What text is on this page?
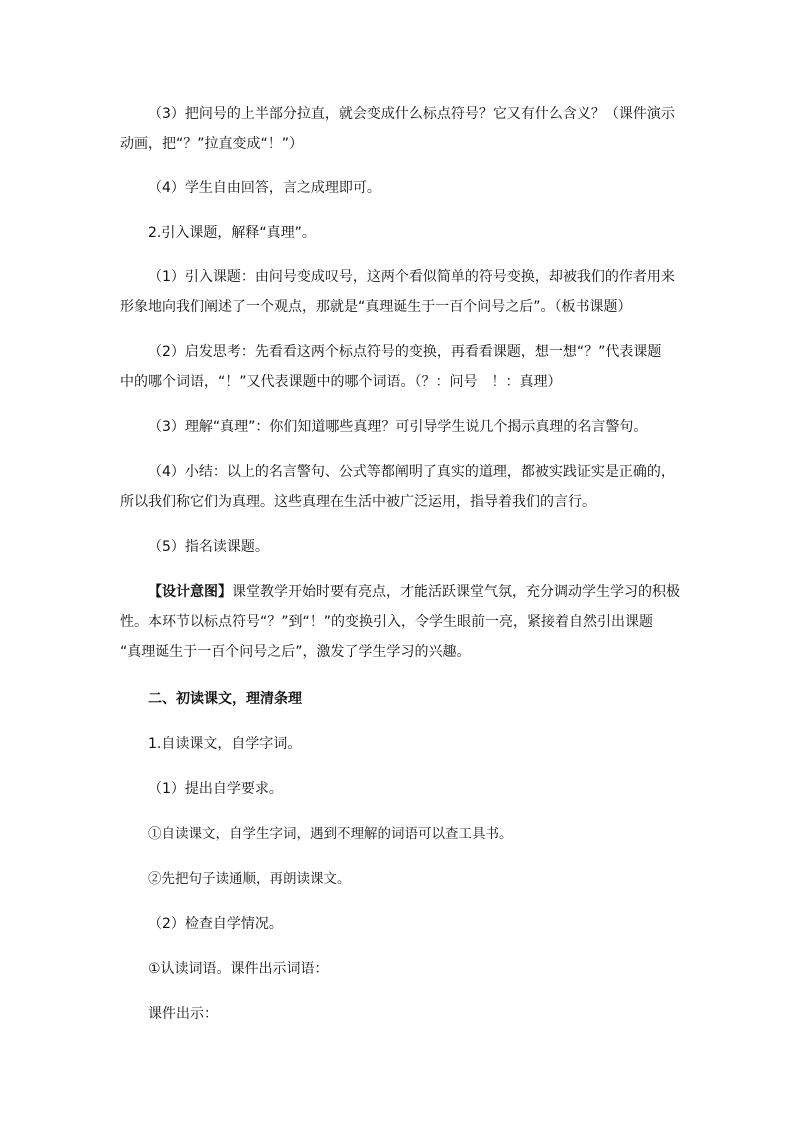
（3）把问号的上半部分拉直，就会变成什么标点符号？它又有什么含义？（课件演示
动画，把“？”拉直变成“！”）
（4）学生自由回答，言之成理即可。
2.引入课题，解释“真理”。
（1）引入课题：由问号变成叹号，这两个看似简单的符号变换，却被我们的作者用来
形象地向我们阐述了一个观点，那就是“真理诞生于一百个问号之后”。（板书课题）
（2）启发思考：先看看这两个标点符号的变换，再看看课题，想一想“？”代表课题
中的哪个词语，“！”又代表课题中的哪个词语。（？：问号　！：真理）
（3）理解“真理”：你们知道哪些真理？可引导学生说几个揭示真理的名言警句。
（4）小结：以上的名言警句、公式等都阐明了真实的道理，都被实践证实是正确的，
所以我们称它们为真理。这些真理在生活中被广泛运用，指导着我们的言行。
（5）指名读课题。
【设计意图】课堂教学开始时要有亮点，才能活跃课堂气氛，充分调动学生学习的积极
性。本环节以标点符号“？”到“！”的变换引入，令学生眼前一亮，紧接着自然引出课题
“真理诞生于一百个问号之后”，激发了学生学习的兴趣。
二、初读课文，理清条理
1.自读课文，自学字词。
（1）提出自学要求。
①自读课文，自学生字词，遇到不理解的词语可以查工具书。
②先把句子读通顺，再朗读课文。
（2）检查自学情况。
①认读词语。课件出示词语：
课件出示：
